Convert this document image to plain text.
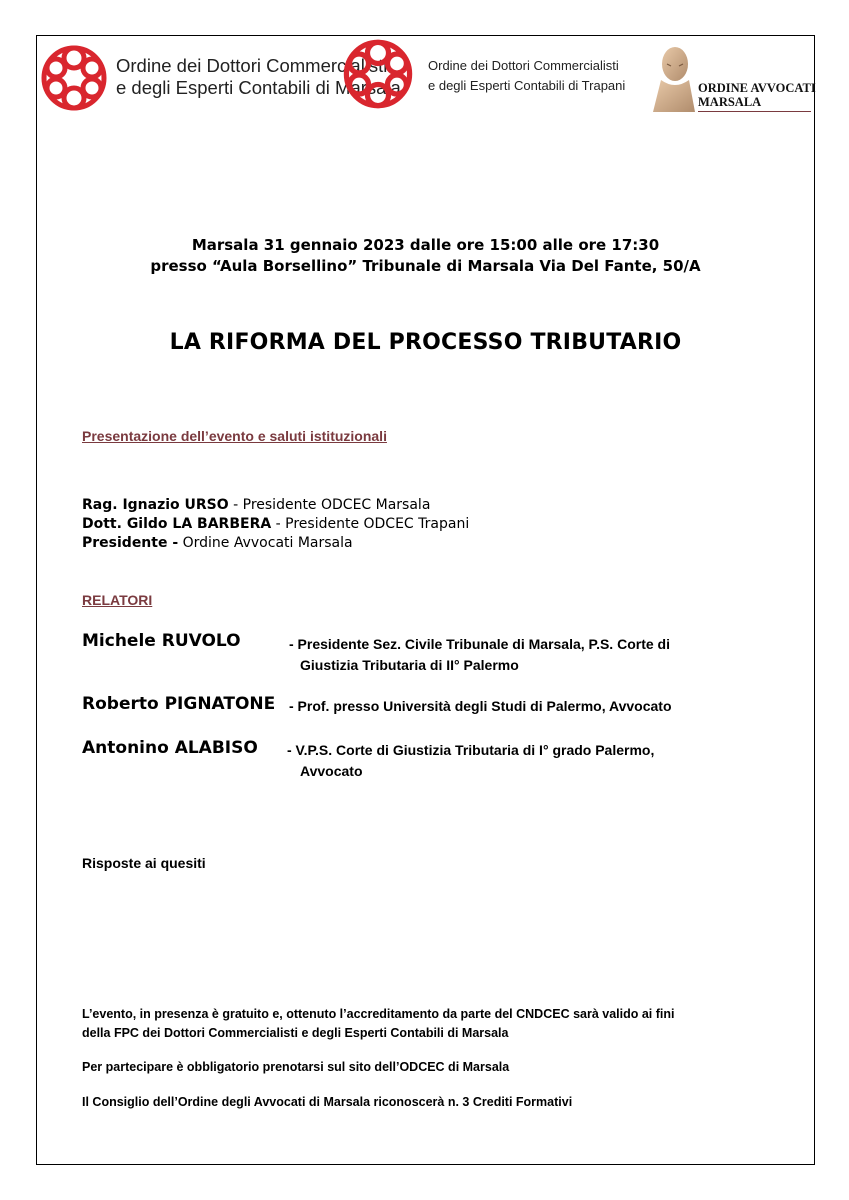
Ordine dei Dottori Commercialisti
e degli Esperti Contabili di Marsala
Ordine dei Dottori Commercialisti
e degli Esperti Contabili di Trapani	ORDINE AVVOCATI
MARSALA
Marsala 31 gennaio 2023 dalle ore 15:00 alle ore 17:30
presso “Aula Borsellino” Tribunale di Marsala Via Del Fante, 50/A
LA RIFORMA DEL PROCESSO TRIBUTARIO
Presentazione dell’evento e saluti istituzionali
Rag. Ignazio URSO - Presidente ODCEC Marsala
Dott. Gildo LA BARBERA - Presidente ODCEC Trapani
Presidente - Ordine Avvocati Marsala
RELATORI
Michele RUVOLO	- Presidente Sez. Civile Tribunale di Marsala, P.S. Corte di
Giustizia Tributaria di II° Palermo
Roberto PIGNATONE - Prof. presso Università degli Studi di Palermo, Avvocato
Antonino ALABISO - V.P.S. Corte di Giustizia Tributaria di I° grado Palermo,
Avvocato
Risposte ai quesiti
L’evento, in presenza è gratuito e, ottenuto l’accreditamento da parte del CNDCEC sarà valido ai fini
della FPC dei Dottori Commercialisti e degli Esperti Contabili di Marsala
Per partecipare è obbligatorio prenotarsi sul sito dell’ODCEC di Marsala
Il Consiglio dell’Ordine degli Avvocati di Marsala riconoscerà n. 3 Crediti Formativi
